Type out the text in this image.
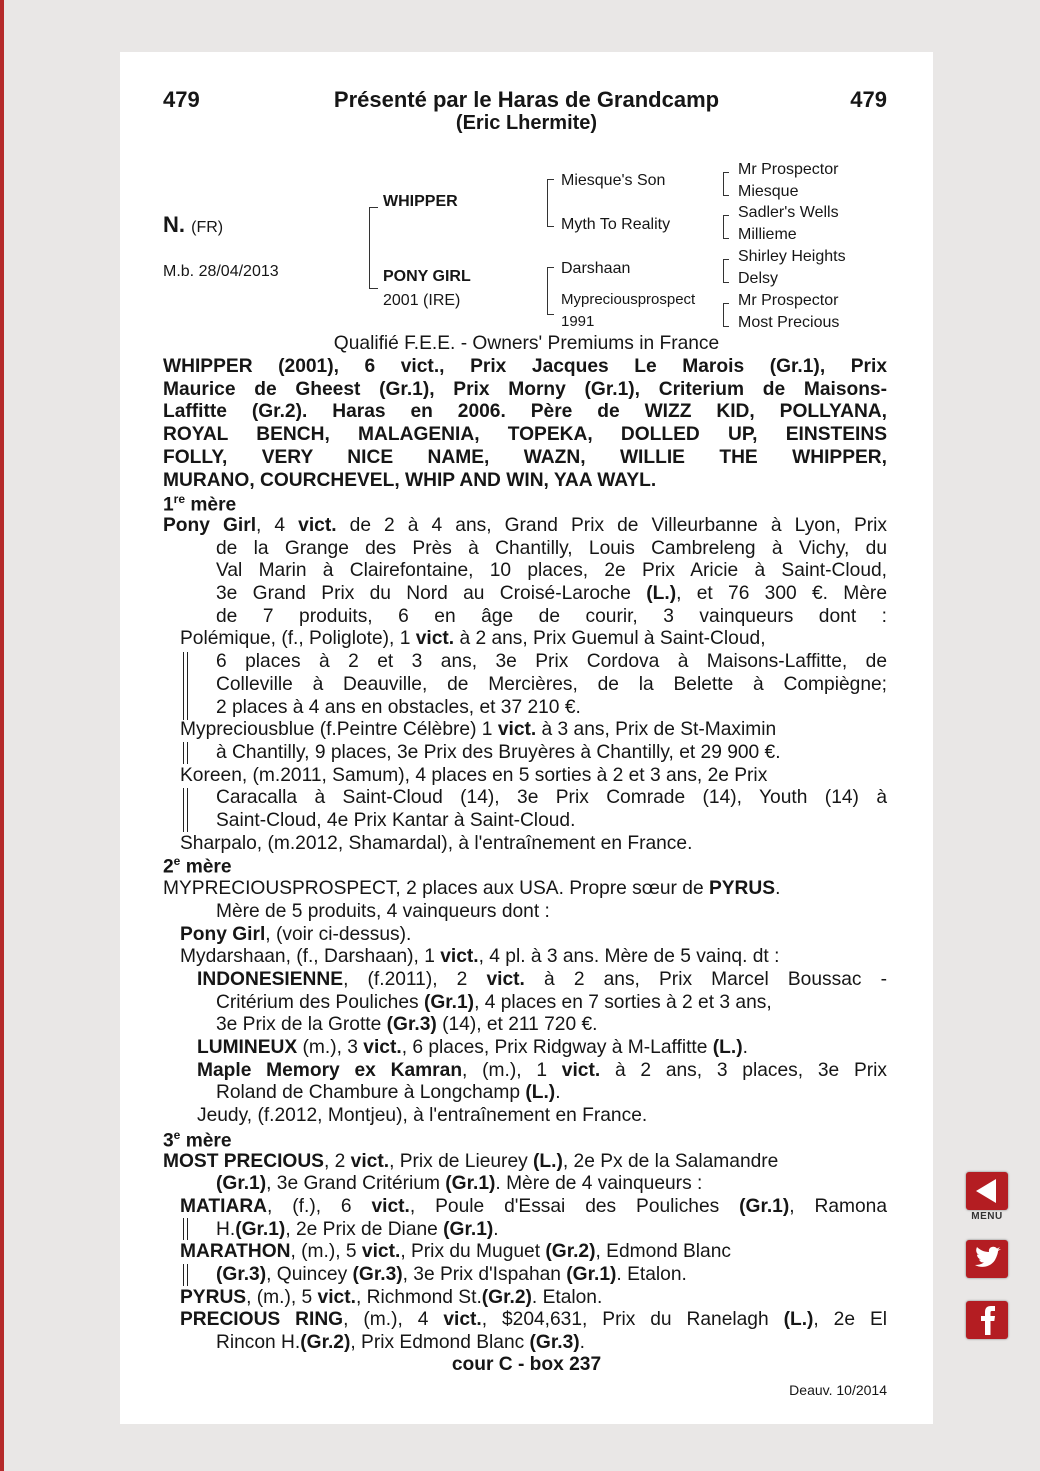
479	479
Présenté par le Haras de Grandcamp
(Eric Lhermite)
N. (FR)
M.b. 28/04/2013
WHIPPER
PONY GIRL
2001 (IRE)
Miesque's Son
Myth To Reality
Darshaan
Mypreciousprospect
1991
Mr Prospector
Miesque
Sadler's Wells
Millieme
Shirley Heights
Delsy
Mr Prospector
Most Precious
Qualifié F.E.E. - Owners' Premiums in France
1re mère
2e mère
3e mère
WHIPPER (2001), 6 vict., Prix Jacques Le Marois (Gr.1), Prix
Maurice de Gheest (Gr.1), Prix Morny (Gr.1), Criterium de Maisons-
Laffitte (Gr.2). Haras en 2006. Père de WIZZ KID, POLLYANA,
ROYAL BENCH, MALAGENIA, TOPEKA, DOLLED UP, EINSTEINS
FOLLY, VERY NICE NAME, WAZN, WILLIE THE WHIPPER,
MURANO, COURCHEVEL, WHIP AND WIN, YAA WAYL.
Pony Girl, 4 vict. de 2 à 4 ans, Grand Prix de Villeurbanne à Lyon, Prix
de la Grange des Près à Chantilly, Louis Cambreleng à Vichy, du
Val Marin à Clairefontaine, 10 places, 2e Prix Aricie à Saint-Cloud,
3e Grand Prix du Nord au Croisé-Laroche (L.), et 76 300 €. Mère
de 7 produits, 6 en âge de courir, 3 vainqueurs dont :
Polémique, (f., Poliglote), 1 vict. à 2 ans, Prix Guemul à Saint-Cloud,
6 places à 2 et 3 ans, 3e Prix Cordova à Maisons-Laffitte, de
Colleville à Deauville, de Mercières, de la Belette à Compiègne;
2 places à 4 ans en obstacles, et 37 210 €.
Mypreciousblue (f.Peintre Célèbre) 1 vict. à 3 ans, Prix de St-Maximin
à Chantilly, 9 places, 3e Prix des Bruyères à Chantilly, et 29 900 €.
Koreen, (m.2011, Samum), 4 places en 5 sorties à 2 et 3 ans, 2e Prix
Caracalla à Saint-Cloud (14), 3e Prix Comrade (14), Youth (14) à
Saint-Cloud, 4e Prix Kantar à Saint-Cloud.
Sharpalo, (m.2012, Shamardal), à l'entraînement en France.
MYPRECIOUSPROSPECT, 2 places aux USA. Propre sœur de PYRUS.
Mère de 5 produits, 4 vainqueurs dont :
Pony Girl, (voir ci-dessus).
Mydarshaan, (f., Darshaan), 1 vict., 4 pl. à 3 ans. Mère de 5 vainq. dt :
INDONESIENNE, (f.2011), 2 vict. à 2 ans, Prix Marcel Boussac -
Critérium des Pouliches (Gr.1), 4 places en 7 sorties à 2 et 3 ans,
3e Prix de la Grotte (Gr.3) (14), et 211 720 €.
LUMINEUX (m.), 3 vict., 6 places, Prix Ridgway à M-Laffitte (L.).
Maple Memory ex Kamran, (m.), 1 vict. à 2 ans, 3 places, 3e Prix
Roland de Chambure à Longchamp (L.).
Jeudy, (f.2012, Montjeu), à l'entraînement en France.
MOST PRECIOUS, 2 vict., Prix de Lieurey (L.), 2e Px de la Salamandre
(Gr.1), 3e Grand Critérium (Gr.1). Mère de 4 vainqueurs :
MATIARA, (f.), 6 vict., Poule d'Essai des Pouliches (Gr.1), Ramona
H.(Gr.1), 2e Prix de Diane (Gr.1).
MARATHON, (m.), 5 vict., Prix du Muguet (Gr.2), Edmond Blanc
(Gr.3), Quincey (Gr.3), 3e Prix d'Ispahan (Gr.1). Etalon.
PYRUS, (m.), 5 vict., Richmond St.(Gr.2). Etalon.
PRECIOUS RING, (m.), 4 vict., $204,631, Prix du Ranelagh (L.), 2e El
Rincon H.(Gr.2), Prix Edmond Blanc (Gr.3).
cour C - box 237
Deauv. 10/2014
MENU
